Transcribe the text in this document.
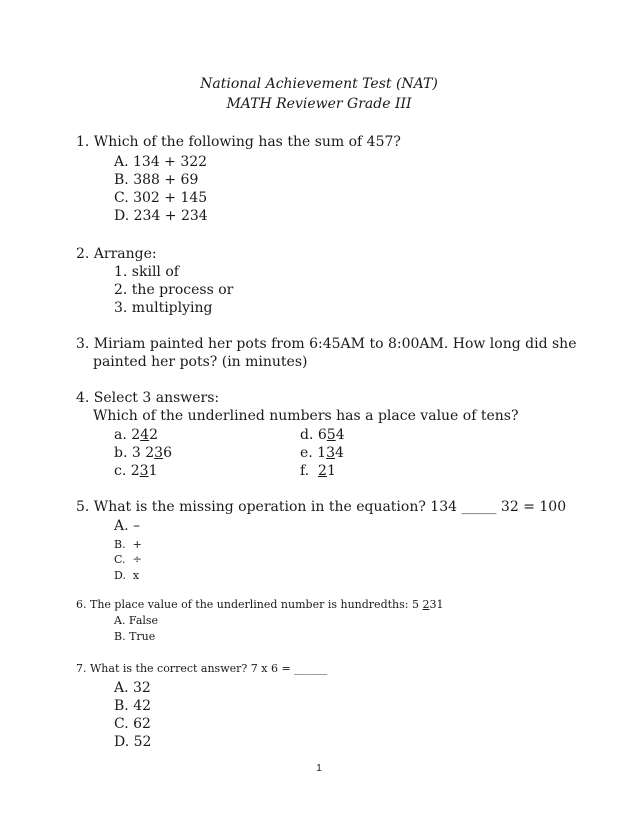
National Achievement Test (NAT)
MATH Reviewer Grade III
1. Which of the following has the sum of 457?
A. 134 + 322
B. 388 + 69
C. 302 + 145
D. 234 + 234
2. Arrange:
1. skill of
2. the process or
3. multiplying
3. Miriam painted her pots from 6:45AM to 8:00AM. How long did she
painted her pots? (in minutes)
4. Select 3 answers:
Which of the underlined numbers has a place value of tens?
a. 242
b. 3 236
c. 231
d. 654
e. 134
f.  21
5. What is the missing operation in the equation? 134 _____ 32 = 100
A. –
B.  +
C.  ÷
D.  x
6. The place value of the underlined number is hundredths: 5 231
A. False
B. True
7. What is the correct answer? 7 x 6 = ______
A. 32
B. 42
C. 62
D. 52
1
